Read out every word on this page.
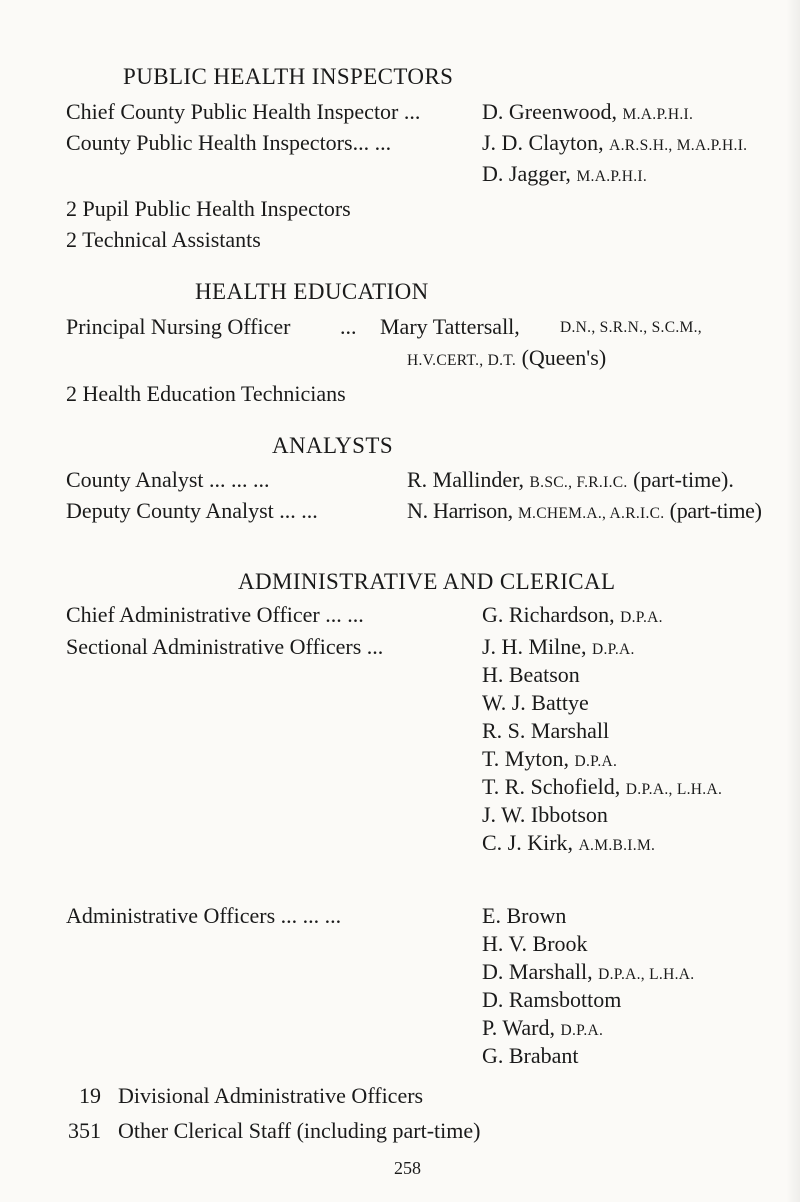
PUBLIC HEALTH INSPECTORS
Chief County Public Health Inspector ...	D. Greenwood, M.A.P.H.I.
County Public Health Inspectors... ...	J. D. Clayton, A.R.S.H., M.A.P.H.I.
D. Jagger, M.A.P.H.I.
2 Pupil Public Health Inspectors
2 Technical Assistants
HEALTH EDUCATION
Principal Nursing Officer ... Mary Tattersall,	D.N., S.R.N., S.C.M.,
H.V.CERT., D.T. (Queen's)
2 Health Education Technicians
ANALYSTS
County Analyst ... ... ...	R. Mallinder, B.SC., F.R.I.C. (part-time).
Deputy County Analyst ... ...	N. Harrison, M.CHEM.A., A.R.I.C. (part-time)
ADMINISTRATIVE AND CLERICAL
Chief Administrative Officer ... ...	G. Richardson, D.P.A.
Sectional Administrative Officers ...	J. H. Milne, D.P.A.
H. Beatson
W. J. Battye
R. S. Marshall
T. Myton, D.P.A.
T. R. Schofield, D.P.A., L.H.A.
J. W. Ibbotson
C. J. Kirk, A.M.B.I.M.
Administrative Officers ... ... ...	E. Brown
H. V. Brook
D. Marshall, D.P.A., L.H.A.
D. Ramsbottom
P. Ward, D.P.A.
G. Brabant
19 Divisional Administrative Officers
351 Other Clerical Staff (including part-time)
258
